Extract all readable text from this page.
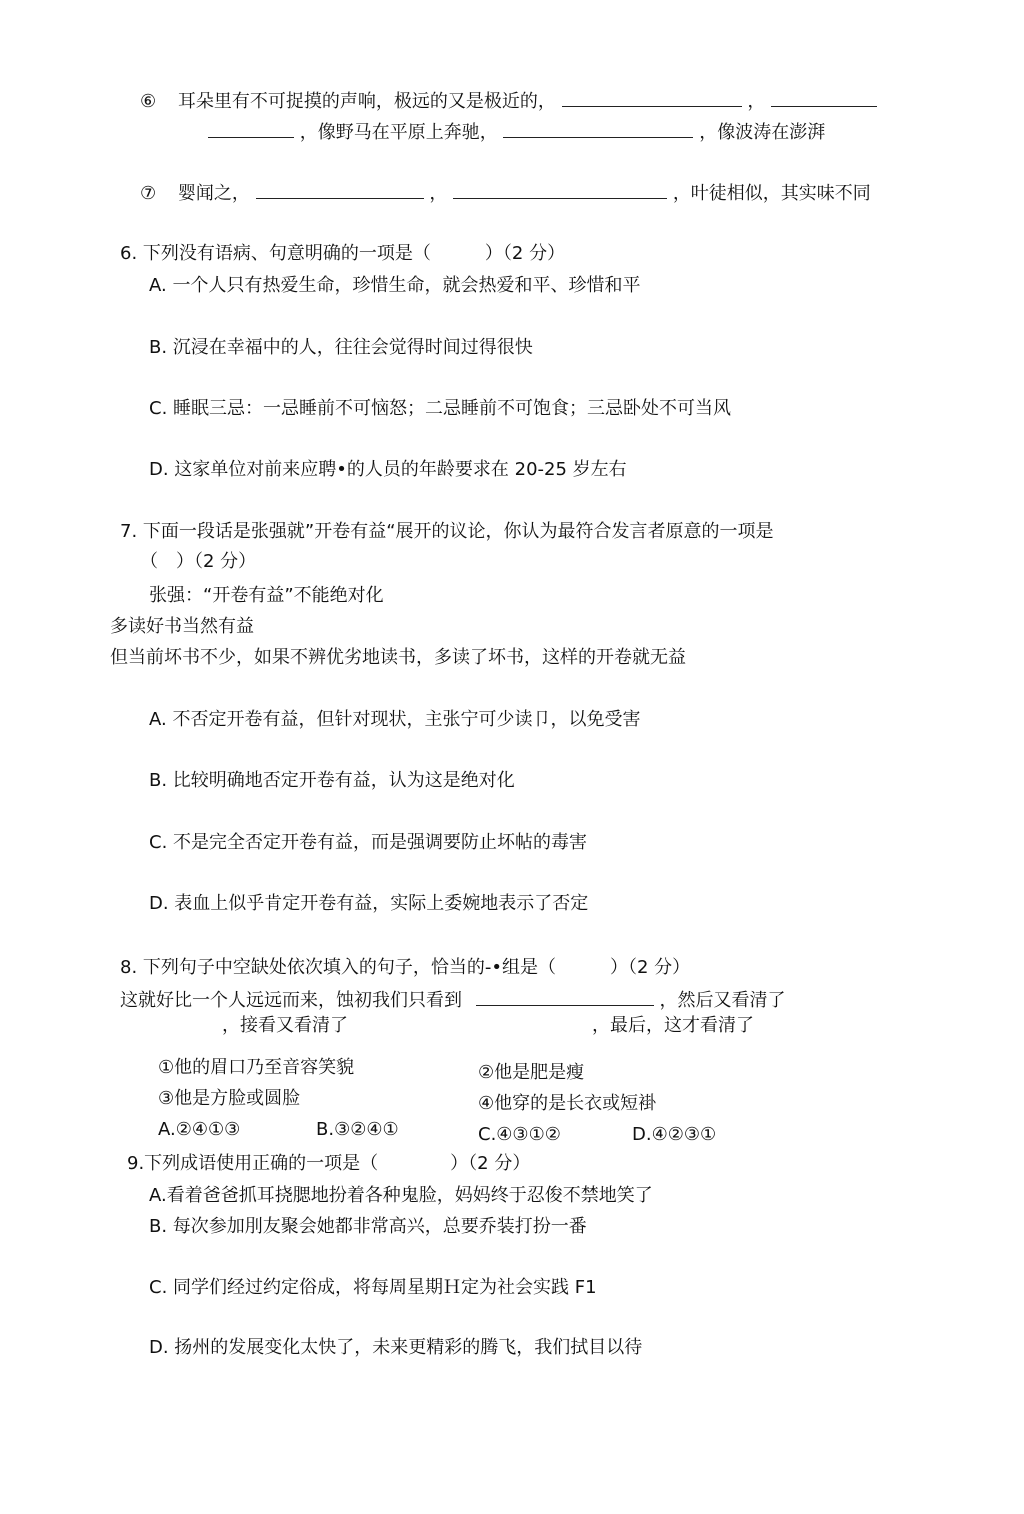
⑥ 耳朵里有不可捉摸的声响，极远的又是极近的，	，
，像野马在平原上奔驰，	，像波涛在澎湃
⑦ 婴闻之，	，	，叶徒相似，其实味不同
6. 下列没有语病、句意明确的一项是（　　　）（2 分）
A. 一个人只有热爱生命，珍惜生命，就会热爱和平、珍惜和平
B. 沉浸在幸福中的人，往往会觉得时间过得很快
C. 睡眠三忌：一忌睡前不可恼怒；二忌睡前不可饱食；三忌卧处不可当风
D. 这家单位对前来应聘•的人员的年龄要求在 20-25 岁左右
7. 下面一段话是张强就”开卷有益“展开的议论，你认为最符合发言者原意的一项是
（　）（2 分）
张强：“开卷有益”不能绝对化
多读好书当然有益
但当前坏书不少，如果不辨优劣地读书，多读了坏书，这样的开卷就无益
A. 不否定开卷有益，但针对现状，主张宁可少读卩，以免受害
B. 比较明确地否定开卷有益，认为这是绝对化
C. 不是完全否定开卷有益，而是强调要防止坏帖的毒害
D. 表血上似乎肯定开卷有益，实际上委婉地表示了否定
8. 下列句子中空缺处依次填入的句子，恰当的-•组是（　　　）（2 分）
这就好比一个人远远而来，蚀初我们只看到	，然后又看清了
，接看又看清了	，最后，这才看清了
①他的眉口乃至音容笑貌	②他是肥是瘦
③他是方脸或圆脸	④他穿的是长衣或短褂
A.②④①③	B.③②④①	C.④③①②	D.④②③①
9.下列成语使用正确的一项是（　　　　）（2 分）
A.看着爸爸抓耳挠腮地扮着各种鬼脸，妈妈终于忍俊不禁地笑了
B. 每次参加刖友聚会她都非常高兴，总要乔装打扮一番
C. 同学们经过约定俗成，将每周星期Ｈ定为社会实践 F1
D. 扬州的发展变化太快了，未来更精彩的腾飞，我们拭目以待
